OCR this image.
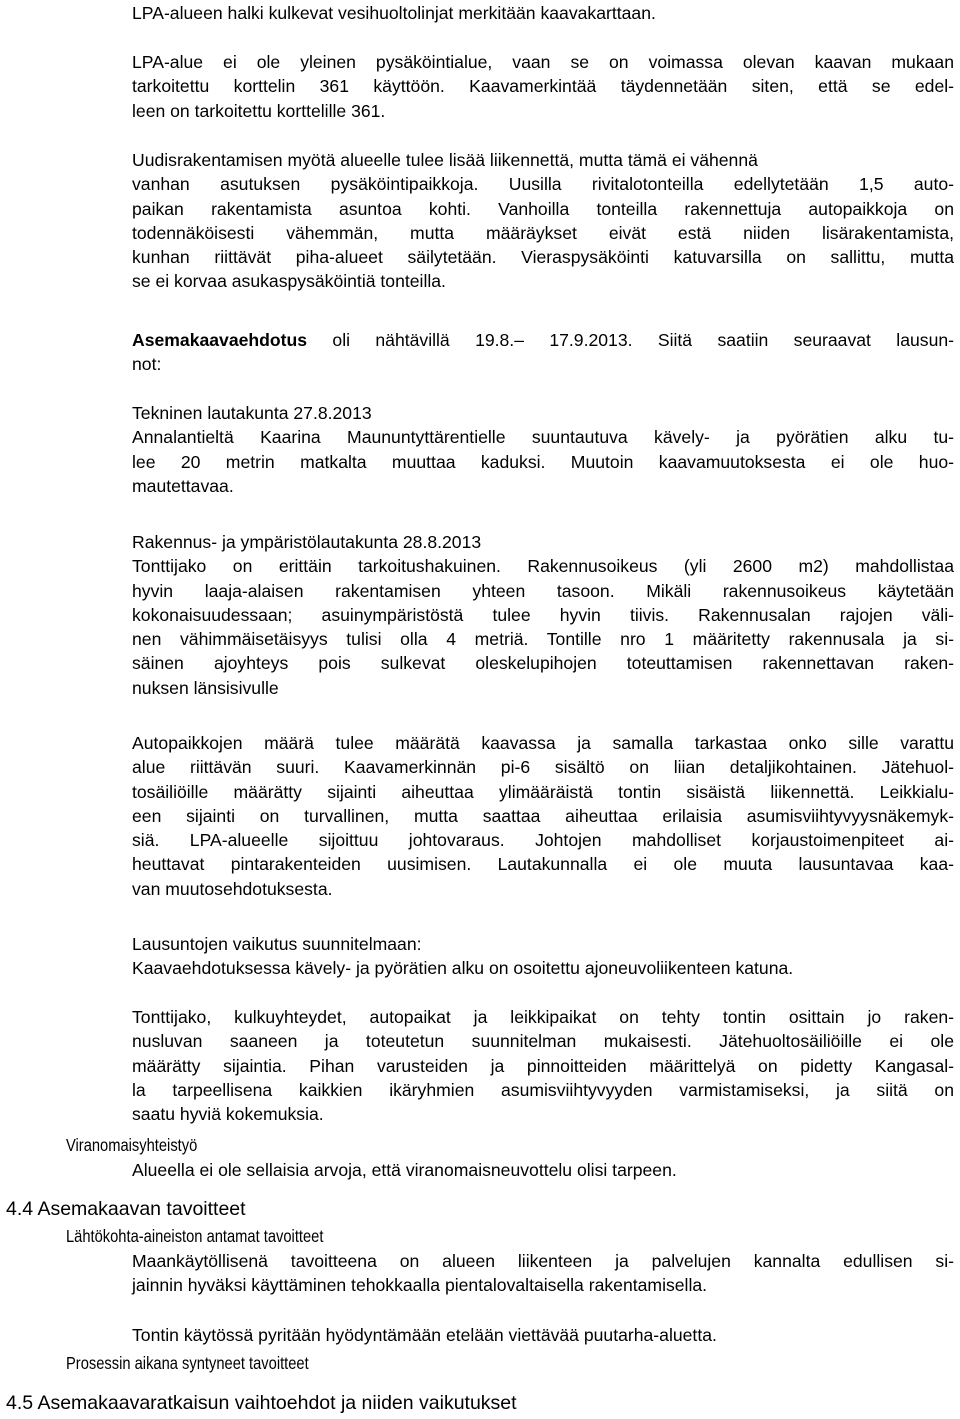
LPA-alueen halki kulkevat vesihuoltolinjat merkitään kaavakarttaan.
LPA-alue ei ole yleinen pysäköintialue, vaan se on voimassa olevan kaavan mukaan
tarkoitettu korttelin 361 käyttöön. Kaavamerkintää täydennetään siten, että se edel-
leen on tarkoitettu korttelille 361.
Uudisrakentamisen myötä alueelle tulee lisää liikennettä, mutta tämä ei vähennä
vanhan asutuksen pysäköintipaikkoja. Uusilla rivitalotonteilla edellytetään 1,5 auto-
paikan rakentamista asuntoa kohti. Vanhoilla tonteilla rakennettuja autopaikkoja on
todennäköisesti vähemmän, mutta määräykset eivät estä niiden lisärakentamista,
kunhan riittävät piha-alueet säilytetään. Vieraspysäköinti katuvarsilla on sallittu, mutta
se ei korvaa asukaspysäköintiä tonteilla.
Asemakaavaehdotus oli nähtävillä 19.8.– 17.9.2013. Siitä saatiin seuraavat lausun-
not:
Tekninen lautakunta 27.8.2013
Annalantieltä Kaarina Maununtyttärentielle suuntautuva kävely- ja pyörätien alku tu-
lee 20 metrin matkalta muuttaa kaduksi. Muutoin kaavamuutoksesta ei ole huo-
mautettavaa.
Rakennus- ja ympäristölautakunta 28.8.2013
Tonttijako on erittäin tarkoitushakuinen. Rakennusoikeus (yli 2600 m2) mahdollistaa
hyvin laaja-alaisen rakentamisen yhteen tasoon. Mikäli rakennusoikeus käytetään
kokonaisuudessaan; asuinympäristöstä tulee hyvin tiivis. Rakennusalan rajojen väli-
nen vähimmäisetäisyys tulisi olla 4 metriä. Tontille nro 1 määritetty rakennusala ja si-
säinen ajoyhteys pois sulkevat oleskelupihojen toteuttamisen rakennettavan raken-
nuksen länsisivulle
Autopaikkojen määrä tulee määrätä kaavassa ja samalla tarkastaa onko sille varattu
alue riittävän suuri. Kaavamerkinnän pi-6 sisältö on liian detaljikohtainen. Jätehuol-
tosäiliöille määrätty sijainti aiheuttaa ylimääräistä tontin sisäistä liikennettä. Leikkialu-
een sijainti on turvallinen, mutta saattaa aiheuttaa erilaisia asumisviihtyvyysnäkemyk-
siä. LPA-alueelle sijoittuu johtovaraus. Johtojen mahdolliset korjaustoimenpiteet ai-
heuttavat pintarakenteiden uusimisen. Lautakunnalla ei ole muuta lausuntavaa kaa-
van muutosehdotuksesta.
Lausuntojen vaikutus suunnitelmaan:
Kaavaehdotuksessa kävely- ja pyörätien alku on osoitettu ajoneuvoliikenteen katuna.
Tonttijako, kulkuyhteydet, autopaikat ja leikkipaikat on tehty tontin osittain jo raken-
nusluvan saaneen ja toteutetun suunnitelman mukaisesti. Jätehuoltosäiliöille ei ole
määrätty sijaintia. Pihan varusteiden ja pinnoitteiden määrittelyä on pidetty Kangasal-
la tarpeellisena kaikkien ikäryhmien asumisviihtyvyyden varmistamiseksi, ja siitä on
saatu hyviä kokemuksia.
Viranomaisyhteistyö
Alueella ei ole sellaisia arvoja, että viranomaisneuvottelu olisi tarpeen.
4.4 Asemakaavan tavoitteet
Lähtökohta-aineiston antamat tavoitteet
Maankäytöllisenä tavoitteena on alueen liikenteen ja palvelujen kannalta edullisen si-
jainnin hyväksi käyttäminen tehokkaalla pientalovaltaisella rakentamisella.
Tontin käytössä pyritään hyödyntämään etelään viettävää puutarha-aluetta.
Prosessin aikana syntyneet tavoitteet
4.5 Asemakaavaratkaisun vaihtoehdot ja niiden vaikutukset
